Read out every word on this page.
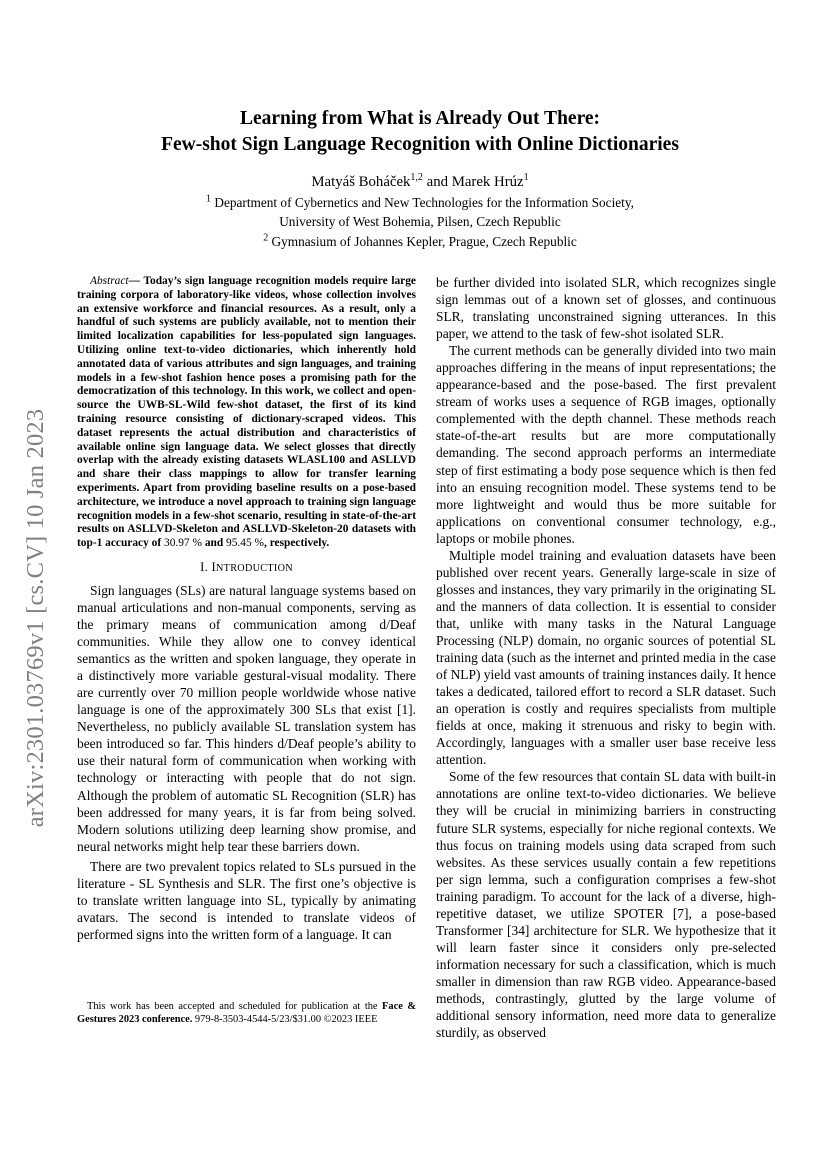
arXiv:2301.03769v1 [cs.CV] 10 Jan 2023
Learning from What is Already Out There:
Few-shot Sign Language Recognition with Online Dictionaries
Matyáš Boháček$^{1,2}$ and Marek Hrúz$^1$
$^1$ Department of Cybernetics and New Technologies for the Information Society,
University of West Bohemia, Pilsen, Czech Republic
$^2$ Gymnasium of Johannes Kepler, Prague, Czech Republic

Abstract— Today’s sign language recognition models require large training corpora of laboratory-like videos, whose collection involves an extensive workforce and financial resources. As a result, only a handful of such systems are publicly available, not to mention their limited localization capabilities for less-populated sign languages. Utilizing online text-to-video dictionaries, which inherently hold annotated data of various attributes and sign languages, and training models in a few-shot fashion hence poses a promising path for the democratization of this technology. In this work, we collect and open-source the UWB-SL-Wild few-shot dataset, the first of its kind training resource consisting of dictionary-scraped videos. This dataset represents the actual distribution and characteristics of available online sign language data. We select glosses that directly overlap with the already existing datasets WLASL100 and ASLLVD and share their class mappings to allow for transfer learning experiments. Apart from providing baseline results on a pose-based architecture, we introduce a novel approach to training sign language recognition models in a few-shot scenario, resulting in state-of-the-art results on ASLLVD-Skeleton and ASLLVD-Skeleton-20 datasets with top-1 accuracy of 30.97 % and 95.45 %, respectively.

I. INTRODUCTION

Sign languages (SLs) are natural language systems based on manual articulations and non-manual components, serving as the primary means of communication among d/Deaf communities. While they allow one to convey identical semantics as the written and spoken language, they operate in a distinctively more variable gestural-visual modality. There are currently over 70 million people worldwide whose native language is one of the approximately 300 SLs that exist [1]. Nevertheless, no publicly available SL translation system has been introduced so far. This hinders d/Deaf people’s ability to use their natural form of communication when working with technology or interacting with people that do not sign. Although the problem of automatic SL Recognition (SLR) has been addressed for many years, it is far from being solved. Modern solutions utilizing deep learning show promise, and neural networks might help tear these barriers down.

There are two prevalent topics related to SLs pursued in the literature - SL Synthesis and SLR. The first one’s objective is to translate written language into SL, typically by animating avatars. The second is intended to translate videos of performed signs into the written form of a language. It can

This work has been accepted and scheduled for publication at the Face & Gestures 2023 conference. 979-8-3503-4544-5/23/$31.00 ©2023 IEEE

be further divided into isolated SLR, which recognizes single sign lemmas out of a known set of glosses, and continuous SLR, translating unconstrained signing utterances. In this paper, we attend to the task of few-shot isolated SLR.

The current methods can be generally divided into two main approaches differing in the means of input representations; the appearance-based and the pose-based. The first prevalent stream of works uses a sequence of RGB images, optionally complemented with the depth channel. These methods reach state-of-the-art results but are more computationally demanding. The second approach performs an intermediate step of first estimating a body pose sequence which is then fed into an ensuing recognition model. These systems tend to be more lightweight and would thus be more suitable for applications on conventional consumer technology, e.g., laptops or mobile phones.

Multiple model training and evaluation datasets have been published over recent years. Generally large-scale in size of glosses and instances, they vary primarily in the originating SL and the manners of data collection. It is essential to consider that, unlike with many tasks in the Natural Language Processing (NLP) domain, no organic sources of potential SL training data (such as the internet and printed media in the case of NLP) yield vast amounts of training instances daily. It hence takes a dedicated, tailored effort to record a SLR dataset. Such an operation is costly and requires specialists from multiple fields at once, making it strenuous and risky to begin with. Accordingly, languages with a smaller user base receive less attention.

Some of the few resources that contain SL data with built-in annotations are online text-to-video dictionaries. We believe they will be crucial in minimizing barriers in constructing future SLR systems, especially for niche regional contexts. We thus focus on training models using data scraped from such websites. As these services usually contain a few repetitions per sign lemma, such a configuration comprises a few-shot training paradigm. To account for the lack of a diverse, high-repetitive dataset, we utilize SPOTER [7], a pose-based Transformer [34] architecture for SLR. We hypothesize that it will learn faster since it considers only pre-selected information necessary for such a classification, which is much smaller in dimension than raw RGB video. Appearance-based methods, contrastingly, glutted by the large volume of additional sensory information, need more data to generalize sturdily, as observed
